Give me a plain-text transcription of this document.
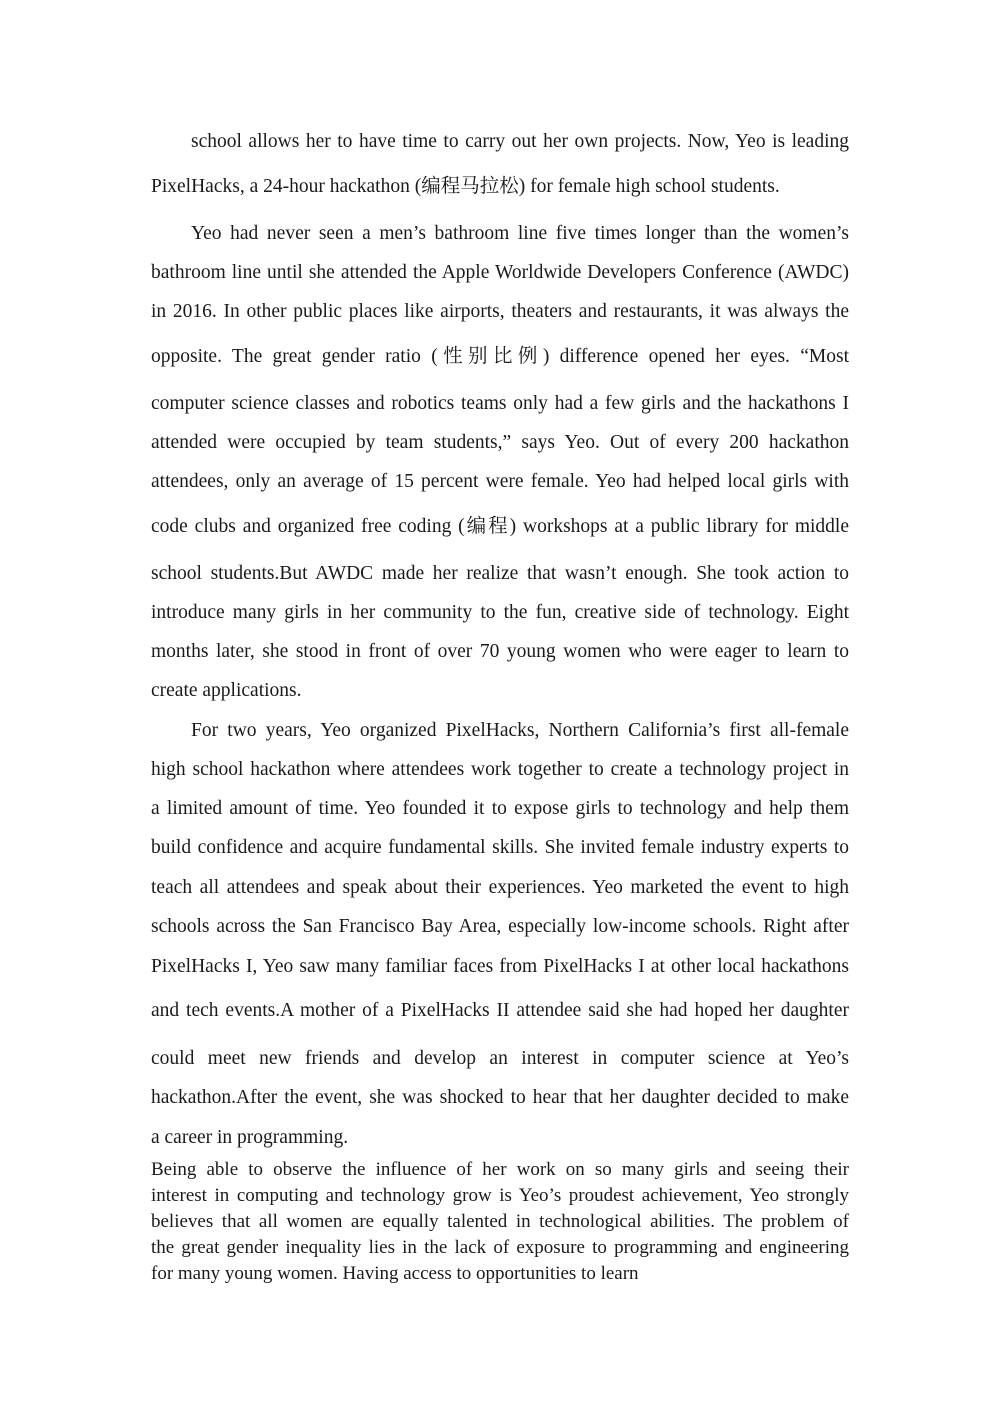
school allows her to have time to carry out her own projects. Now, Yeo is leading
PixelHacks, a 24-hour hackathon (编程马拉松) for female high school students.
Yeo had never seen a men’s bathroom line five times longer than the women’s
bathroom line until she attended the Apple Worldwide Developers Conference (AWDC)
in 2016. In other public places like airports, theaters and restaurants, it was always the
opposite. The great gender ratio (性别比例) difference opened her eyes. “Most
computer science classes and robotics teams only had a few girls and the hackathons I
attended were occupied by team students,” says Yeo. Out of every 200 hackathon
attendees, only an average of 15 percent were female. Yeo had helped local girls with
code clubs and organized free coding (编程) workshops at a public library for middle
school students.But AWDC made her realize that wasn’t enough. She took action to
introduce many girls in her community to the fun, creative side of technology. Eight
months later, she stood in front of over 70 young women who were eager to learn to
create applications.
For two years, Yeo organized PixelHacks, Northern California’s first all-female
high school hackathon where attendees work together to create a technology project in
a limited amount of time. Yeo founded it to expose girls to technology and help them
build confidence and acquire fundamental skills. She invited female industry experts to
teach all attendees and speak about their experiences. Yeo marketed the event to high
schools across the San Francisco Bay Area, especially low-income schools. Right after
PixelHacks I, Yeo saw many familiar faces from PixelHacks I at other local hackathons
and tech events.A mother of a PixelHacks II attendee said she had hoped her daughter
could meet new friends and develop an interest in computer science at Yeo’s
hackathon.After the event, she was shocked to hear that her daughter decided to make
a career in programming.
Being able to observe the influence of her work on so many girls and seeing their
interest in computing and technology grow is Yeo’s proudest achievement, Yeo strongly
believes that all women are equally talented in technological abilities. The problem of
the great gender inequality lies in the lack of exposure to programming and engineering
for many young women. Having access to opportunities to learn
